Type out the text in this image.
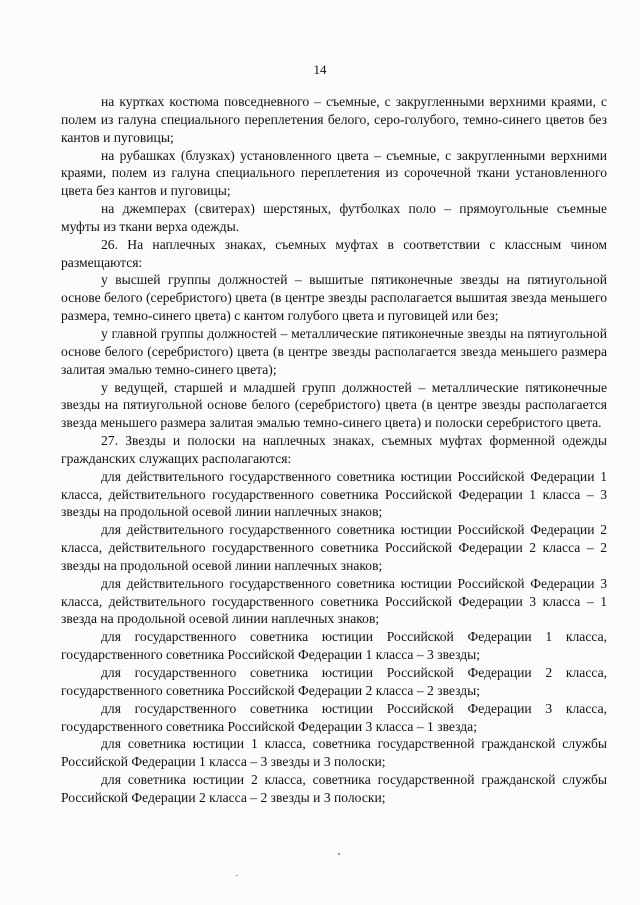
14

на куртках костюма повседневного – съемные, с закругленными верхними краями, с полем из галуна специального переплетения белого, серо-голубого, темно-синего цветов без кантов и пуговицы;

на рубашках (блузках) установленного цвета – съемные, с закругленными верхними краями, полем из галуна специального переплетения из сорочечной ткани установленного цвета без кантов и пуговицы;

на джемперах (свитерах) шерстяных, футболках поло – прямоугольные съемные муфты из ткани верха одежды.

26. На наплечных знаках, съемных муфтах в соответствии с классным чином размещаются:

у высшей группы должностей – вышитые пятиконечные звезды на пятиугольной основе белого (серебристого) цвета (в центре звезды располагается вышитая звезда меньшего размера, темно-синего цвета) с кантом голубого цвета и пуговицей или без;

у главной группы должностей – металлические пятиконечные звезды на пятиугольной основе белого (серебристого) цвета (в центре звезды располагается звезда меньшего размера залитая эмалью темно-синего цвета);

у ведущей, старшей и младшей групп должностей – металлические пятиконечные звезды на пятиугольной основе белого (серебристого) цвета (в центре звезды располагается звезда меньшего размера залитая эмалью темно-синего цвета) и полоски серебристого цвета.

27. Звезды и полоски на наплечных знаках, съемных муфтах форменной одежды гражданских служащих располагаются:

для действительного государственного советника юстиции Российской Федерации 1 класса, действительного государственного советника Российской Федерации 1 класса – 3 звезды на продольной осевой линии наплечных знаков;

для действительного государственного советника юстиции Российской Федерации 2 класса, действительного государственного советника Российской Федерации 2 класса – 2 звезды на продольной осевой линии наплечных знаков;

для действительного государственного советника юстиции Российской Федерации 3 класса, действительного государственного советника Российской Федерации 3 класса – 1 звезда на продольной осевой линии наплечных знаков;

для государственного советника юстиции Российской Федерации 1 класса, государственного советника Российской Федерации 1 класса – 3 звезды;

для государственного советника юстиции Российской Федерации 2 класса, государственного советника Российской Федерации 2 класса – 2 звезды;

для государственного советника юстиции Российской Федерации 3 класса, государственного советника Российской Федерации 3 класса – 1 звезда;

для советника юстиции 1 класса, советника государственной гражданской службы Российской Федерации 1 класса – 3 звезды и 3 полоски;

для советника юстиции 2 класса, советника государственной гражданской службы Российской Федерации 2 класса – 2 звезды и 3 полоски;
